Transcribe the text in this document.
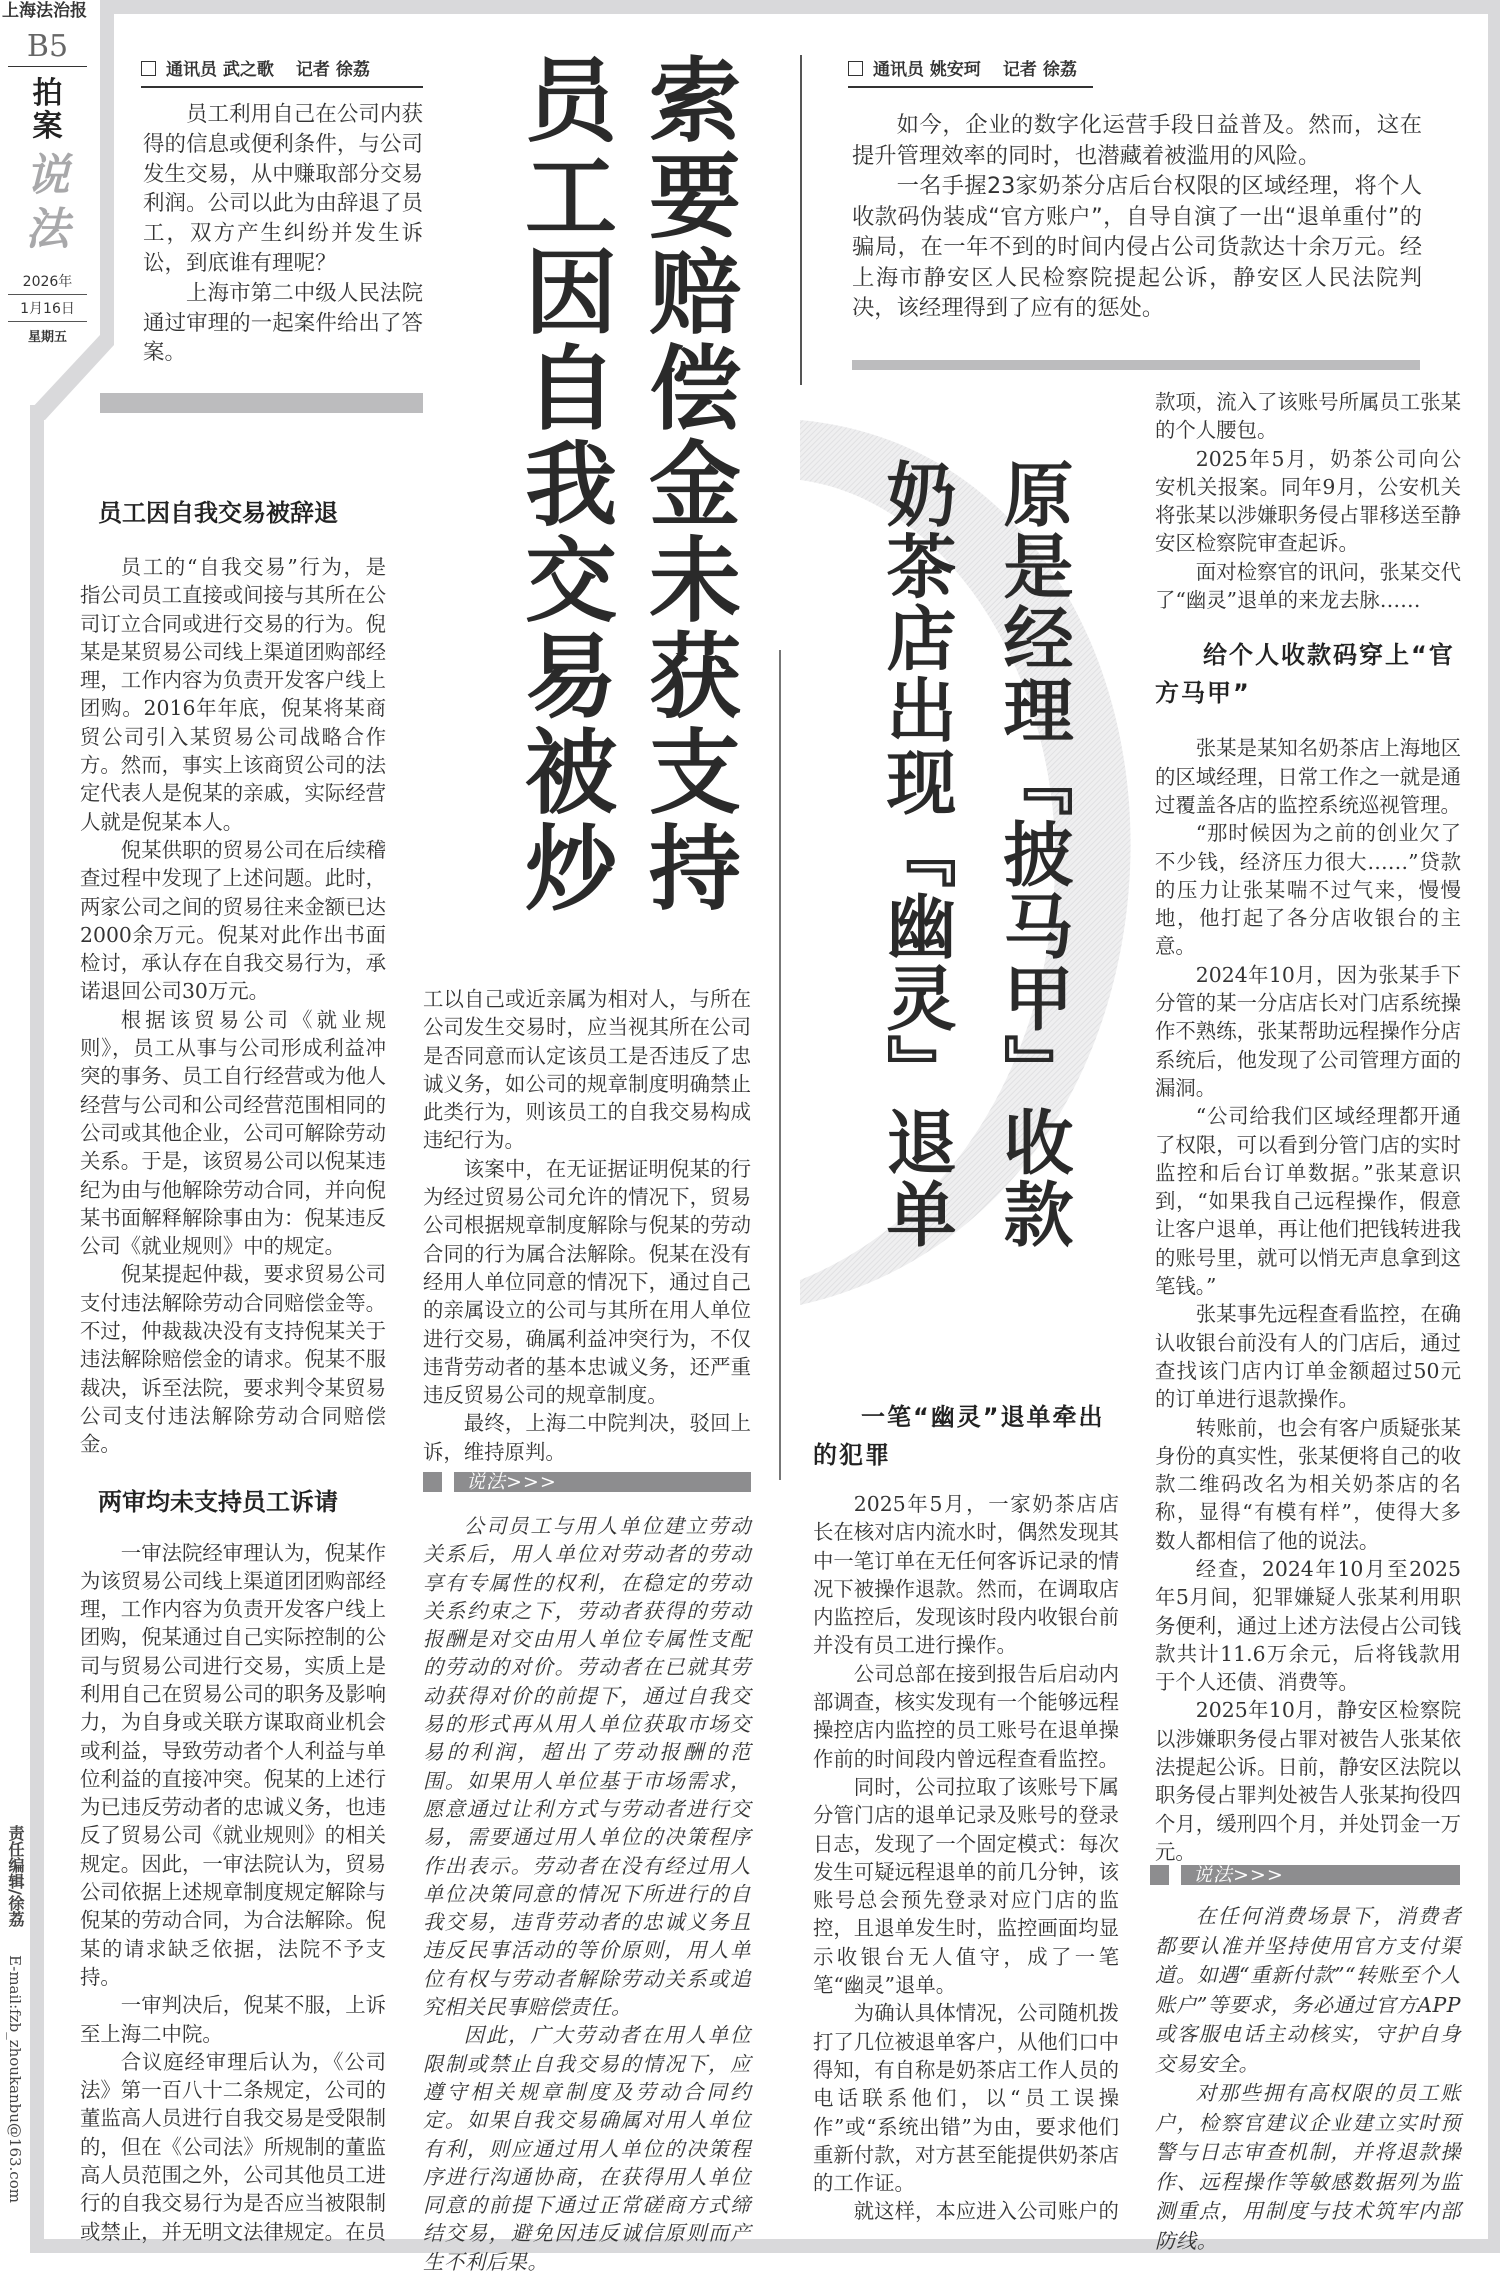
上海法治报
B5
拍案
说法
2026年
1月16日
星期五
责任编辑/徐荔  E-mail:fzb_zhoukanbu@163.com
通讯员 武之歌 记者 徐荔

员工利用自己在公司内获得的信息或便利条件，与公司发生交易，从中赚取部分交易利润。公司以此为由辞退了员工，双方产生纠纷并发生诉讼，到底谁有理呢？

上海市第二中级人民法院通过审理的一起案件给出了答案。	索要赔偿金未获支持
员工因自我交易被炒
员工因自我交易被辞退

员工的“自我交易”行为，是指公司员工直接或间接与其所在公司订立合同或进行交易的行为。倪某是某贸易公司线上渠道团购部经理，工作内容为负责开发客户线上团购。2016年年底，倪某将某商贸公司引入某贸易公司战略合作方。然而，事实上该商贸公司的法定代表人是倪某的亲戚，实际经营人就是倪某本人。

倪某供职的贸易公司在后续稽查过程中发现了上述问题。此时，两家公司之间的贸易往来金额已达2000余万元。倪某对此作出书面检讨，承认存在自我交易行为，承诺退回公司30万元。

根据该贸易公司《就业规则》，员工从事与公司形成利益冲突的事务、员工自行经营或为他人经营与公司和公司经营范围相同的公司或其他企业，公司可解除劳动关系。于是，该贸易公司以倪某违纪为由与他解除劳动合同，并向倪某书面解释解除事由为：倪某违反公司《就业规则》中的规定。

倪某提起仲裁，要求贸易公司支付违法解除劳动合同赔偿金等。不过，仲裁裁决没有支持倪某关于违法解除赔偿金的请求。倪某不服裁决，诉至法院，要求判令某贸易公司支付违法解除劳动合同赔偿金。

两审均未支持员工诉请

一审法院经审理认为，倪某作为该贸易公司线上渠道团团购部经理，工作内容为负责开发客户线上团购，倪某通过自己实际控制的公司与贸易公司进行交易，实质上是利用自己在贸易公司的职务及影响力，为自身或关联方谋取商业机会或利益，导致劳动者个人利益与单位利益的直接冲突。倪某的上述行为已违反劳动者的忠诚义务，也违反了贸易公司《就业规则》的相关规定。因此，一审法院认为，贸易公司依据上述规章制度规定解除与倪某的劳动合同，为合法解除。倪某的请求缺乏依据，法院不予支持。

一审判决后，倪某不服，上诉至上海二中院。

合议庭经审理后认为，《公司法》第一百八十二条规定，公司的董监高人员进行自我交易是受限制的，但在《公司法》所规制的董监高人员范围之外，公司其他员工进行的自我交易行为是否应当被限制或禁止，并无明文法律规定。在员

工以自己或近亲属为相对人，与所在公司发生交易时，应当视其所在公司是否同意而认定该员工是否违反了忠诚义务，如公司的规章制度明确禁止此类行为，则该员工的自我交易构成违纪行为。

该案中，在无证据证明倪某的行为经过贸易公司允许的情况下，贸易公司根据规章制度解除与倪某的劳动合同的行为属合法解除。倪某在没有经用人单位同意的情况下，通过自己的亲属设立的公司与其所在用人单位进行交易，确属利益冲突行为，不仅违背劳动者的基本忠诚义务，还严重违反贸易公司的规章制度。

最终，上海二中院判决，驳回上诉，维持原判。

说法>>>

公司员工与用人单位建立劳动关系后，用人单位对劳动者的劳动享有专属性的权利，在稳定的劳动关系约束之下，劳动者获得的劳动报酬是对交由用人单位专属性支配的劳动的对价。劳动者在已就其劳动获得对价的前提下，通过自我交易的形式再从用人单位获取市场交易的利润，超出了劳动报酬的范围。如果用人单位基于市场需求，愿意通过让利方式与劳动者进行交易，需要通过用人单位的决策程序作出表示。劳动者在没有经过用人单位决策同意的情况下所进行的自我交易，违背劳动者的忠诚义务且违反民事活动的等价原则，用人单位有权与劳动者解除劳动关系或追究相关民事赔偿责任。

因此，广大劳动者在用人单位限制或禁止自我交易的情况下，应遵守相关规章制度及劳动合同约定。如果自我交易确属对用人单位有利，则应通过用人单位的决策程序进行沟通协商，在获得用人单位同意的前提下通过正常磋商方式缔结交易，避免因违反诚信原则而产生不利后果。

通讯员 姚安珂 记者 徐荔

如今，企业的数字化运营手段日益普及。然而，这在提升管理效率的同时，也潜藏着被滥用的风险。

一名手握23家奶茶分店后台权限的区域经理，将个人收款码伪装成“官方账户”，自导自演了一出“退单重付”的骗局，在一年不到的时间内侵占公司货款达十余万元。经上海市静安区人民检察院提起公诉，静安区人民法院判决，该经理得到了应有的惩处。

原是经理『披马甲』收款
奶茶店出现『幽灵』退单
一笔“幽灵”退单牵出的犯罪

2025年5月，一家奶茶店店长在核对店内流水时，偶然发现其中一笔订单在无任何客诉记录的情况下被操作退款。然而，在调取店内监控后，发现该时段内收银台前并没有员工进行操作。

公司总部在接到报告后启动内部调查，核实发现有一个能够远程操控店内监控的员工账号在退单操作前的时间段内曾远程查看监控。

同时，公司拉取了该账号下属分管门店的退单记录及账号的登录日志，发现了一个固定模式：每次发生可疑远程退单的前几分钟，该账号总会预先登录对应门店的监控，且退单发生时，监控画面均显示收银台无人值守，成了一笔笔“幽灵”退单。

为确认具体情况，公司随机拨打了几位被退单客户，从他们口中得知，有自称是奶茶店工作人员的电话联系他们，以“员工误操作”或“系统出错”为由，要求他们重新付款，对方甚至能提供奶茶店的工作证。

就这样，本应进入公司账户的

款项，流入了该账号所属员工张某的个人腰包。

2025年5月，奶茶公司向公安机关报案。同年9月，公安机关将张某以涉嫌职务侵占罪移送至静安区检察院审查起诉。

面对检察官的讯问，张某交代了“幽灵”退单的来龙去脉……

给个人收款码穿上“官方马甲”

张某是某知名奶茶店上海地区的区域经理，日常工作之一就是通过覆盖各店的监控系统巡视管理。

“那时候因为之前的创业欠了不少钱，经济压力很大……”贷款的压力让张某喘不过气来，慢慢地，他打起了各分店收银台的主意。

2024年10月，因为张某手下分管的某一分店店长对门店系统操作不熟练，张某帮助远程操作分店系统后，他发现了公司管理方面的漏洞。

“公司给我们区域经理都开通了权限，可以看到分管门店的实时监控和后台订单数据。”张某意识到，“如果我自己远程操作，假意让客户退单，再让他们把钱转进我的账号里，就可以悄无声息拿到这笔钱。”

张某事先远程查看监控，在确认收银台前没有人的门店后，通过查找该门店内订单金额超过50元的订单进行退款操作。

转账前，也会有客户质疑张某身份的真实性，张某便将自己的收款二维码改名为相关奶茶店的名称，显得“有模有样”，使得大多数人都相信了他的说法。

经查，2024年10月至2025年5月间，犯罪嫌疑人张某利用职务便利，通过上述方法侵占公司钱款共计11.6万余元，后将钱款用于个人还债、消费等。

2025年10月，静安区检察院以涉嫌职务侵占罪对被告人张某依法提起公诉。日前，静安区法院以职务侵占罪判处被告人张某拘役四个月，缓刑四个月，并处罚金一万元。

说法>>>

在任何消费场景下，消费者都要认准并坚持使用官方支付渠道。如遇“重新付款”“转账至个人账户”等要求，务必通过官方APP或客服电话主动核实，守护自身交易安全。

对那些拥有高权限的员工账户，检察官建议企业建立实时预警与日志审查机制，并将退款操作、远程操作等敏感数据列为监测重点，用制度与技术筑牢内部防线。
